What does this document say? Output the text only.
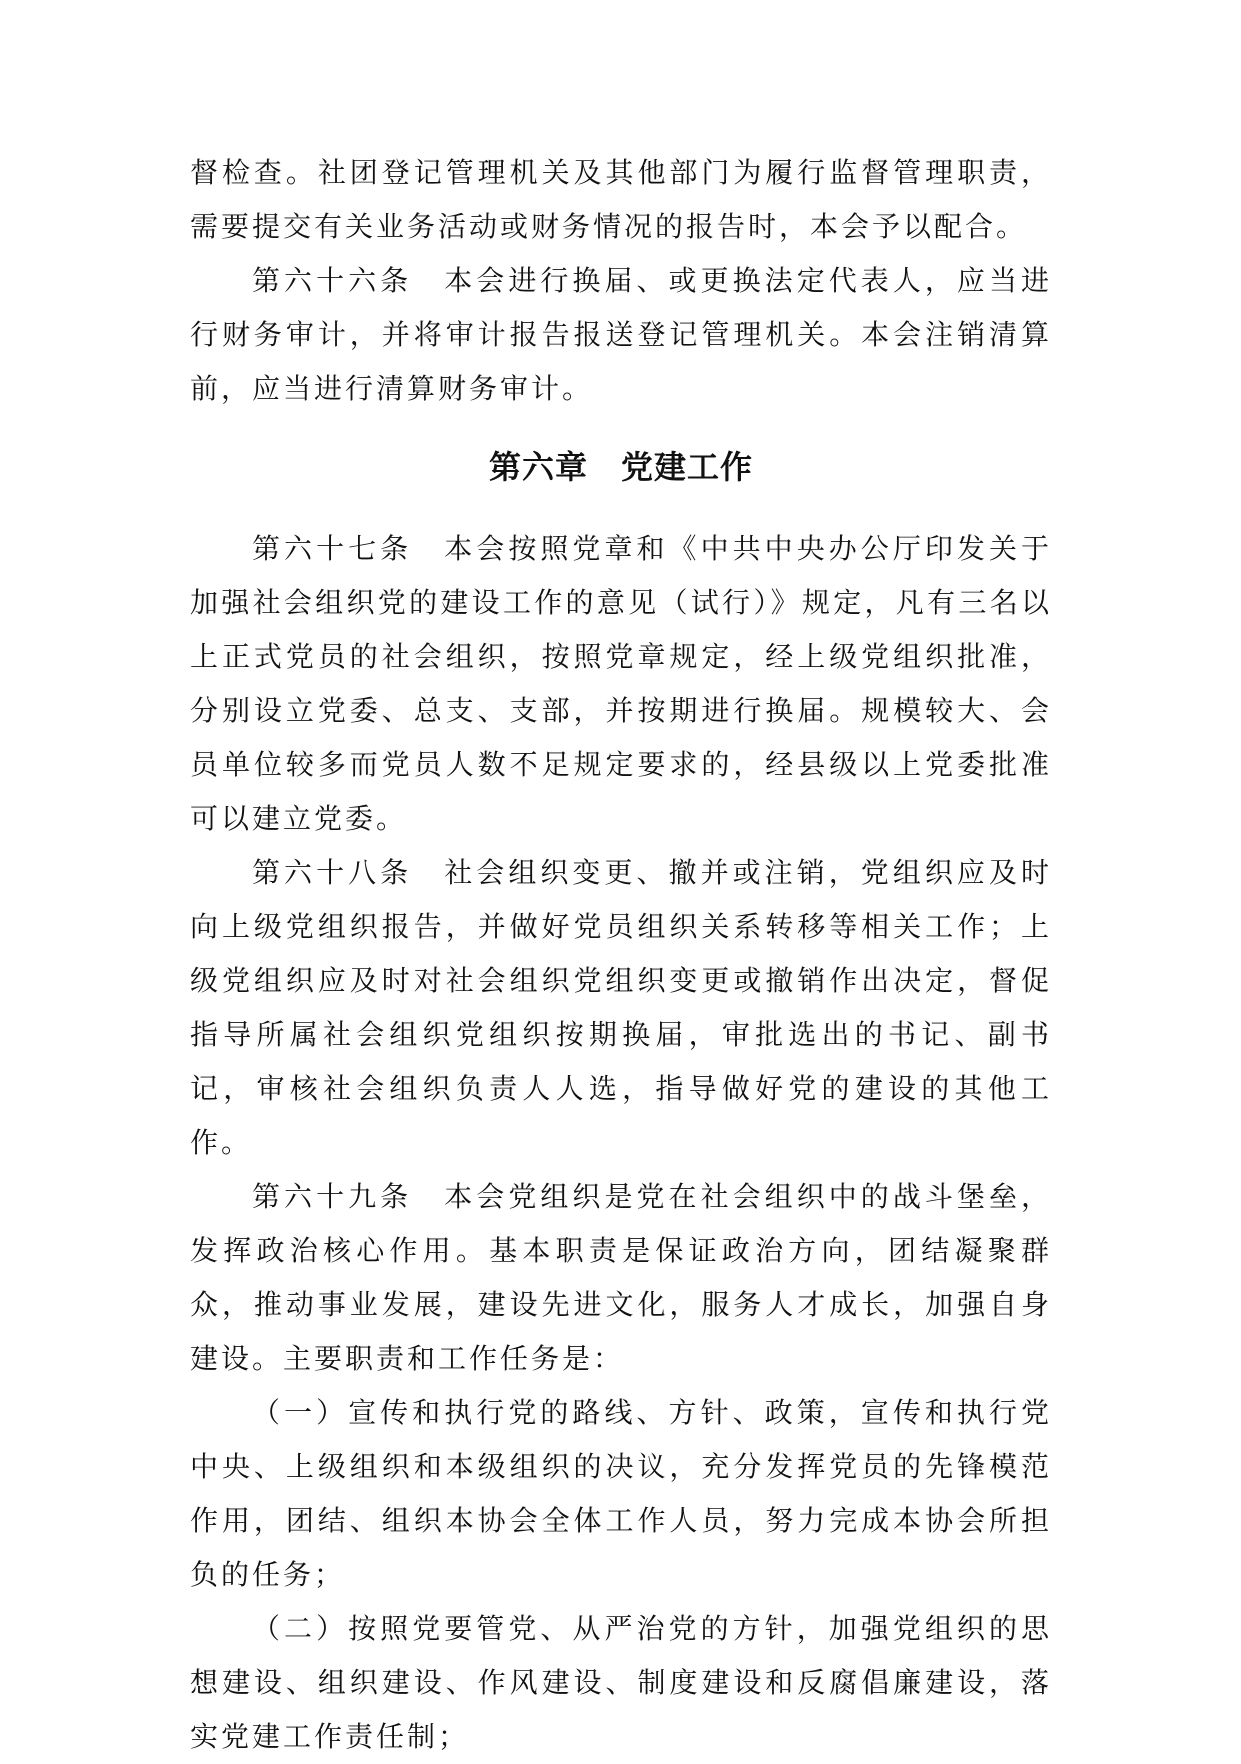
督检查。社团登记管理机关及其他部门为履行监督管理职责，需要提交有关业务活动或财务情况的报告时，本会予以配合。

第六十六条　本会进行换届、或更换法定代表人，应当进行财务审计，并将审计报告报送登记管理机关。本会注销清算前，应当进行清算财务审计。

第六章　党建工作

第六十七条　本会按照党章和《中共中央办公厅印发关于加强社会组织党的建设工作的意见（试行）》规定，凡有三名以上正式党员的社会组织，按照党章规定，经上级党组织批准，分别设立党委、总支、支部，并按期进行换届。规模较大、会员单位较多而党员人数不足规定要求的，经县级以上党委批准可以建立党委。

第六十八条　社会组织变更、撤并或注销，党组织应及时向上级党组织报告，并做好党员组织关系转移等相关工作；上级党组织应及时对社会组织党组织变更或撤销作出决定，督促指导所属社会组织党组织按期换届，审批选出的书记、副书记，审核社会组织负责人人选，指导做好党的建设的其他工作。

第六十九条　本会党组织是党在社会组织中的战斗堡垒，发挥政治核心作用。基本职责是保证政治方向，团结凝聚群众，推动事业发展，建设先进文化，服务人才成长，加强自身建设。主要职责和工作任务是：

（一）宣传和执行党的路线、方针、政策，宣传和执行党中央、上级组织和本级组织的决议，充分发挥党员的先锋模范作用，团结、组织本协会全体工作人员，努力完成本协会所担负的任务；

（二）按照党要管党、从严治党的方针，加强党组织的思想建设、组织建设、作风建设、制度建设和反腐倡廉建设，落实党建工作责任制；
